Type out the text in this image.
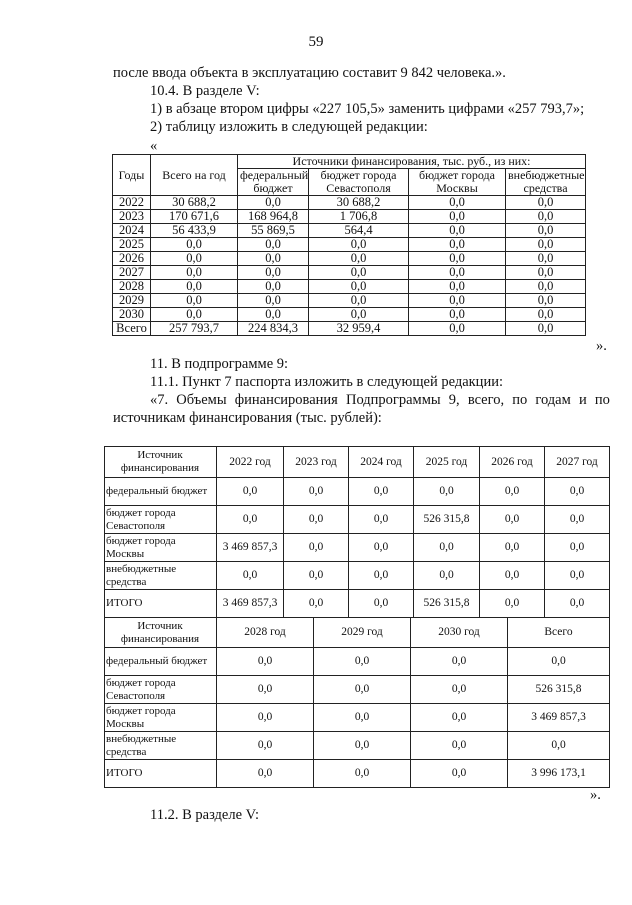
59
после ввода объекта в эксплуатацию составит 9 842 человека.».
10.4. В разделе V:
1) в абзаце втором цифры «227 105,5» заменить цифрами «257 793,7»;
2) таблицу изложить в следующей редакции:
«
Годы	Всего на год	Источники финансирования, тыс. руб., из них:			
		федеральный бюджет	бюджет города Севастополя	бюджет города Москвы	внебюджетные средства
2022	30 688,2	0,0	30 688,2	0,0	0,0
2023	170 671,6	168 964,8	1 706,8	0,0	0,0
2024	56 433,9	55 869,5	564,4	0,0	0,0
2025	0,0	0,0	0,0	0,0	0,0
2026	0,0	0,0	0,0	0,0	0,0
2027	0,0	0,0	0,0	0,0	0,0
2028	0,0	0,0	0,0	0,0	0,0
2029	0,0	0,0	0,0	0,0	0,0
2030	0,0	0,0	0,0	0,0	0,0
Всего	257 793,7	224 834,3	32 959,4	0,0	0,0
».
11. В подпрограмме 9:
11.1. Пункт 7 паспорта изложить в следующей редакции:
«7. Объемы финансирования Подпрограммы 9, всего, по годам и по
источникам финансирования (тыс. рублей):
Источник финансирования	2022 год	2023 год	2024 год	2025 год	2026 год	2027 год
федеральный бюджет	0,0	0,0	0,0	0,0	0,0	0,0
бюджет города Севастополя	0,0	0,0	0,0	526 315,8	0,0	0,0
бюджет города Москвы	3 469 857,3	0,0	0,0	0,0	0,0	0,0
внебюджетные средства	0,0	0,0	0,0	0,0	0,0	0,0
ИТОГО	3 469 857,3	0,0	0,0	526 315,8	0,0	0,0
Источник финансирования	2028 год	2029 год	2030 год	Всего
федеральный бюджет	0,0	0,0	0,0	0,0
бюджет города Севастополя	0,0	0,0	0,0	526 315,8
бюджет города Москвы	0,0	0,0	0,0	3 469 857,3
внебюджетные средства	0,0	0,0	0,0	0,0
ИТОГО	0,0	0,0	0,0	3 996 173,1
».
11.2. В разделе V:
